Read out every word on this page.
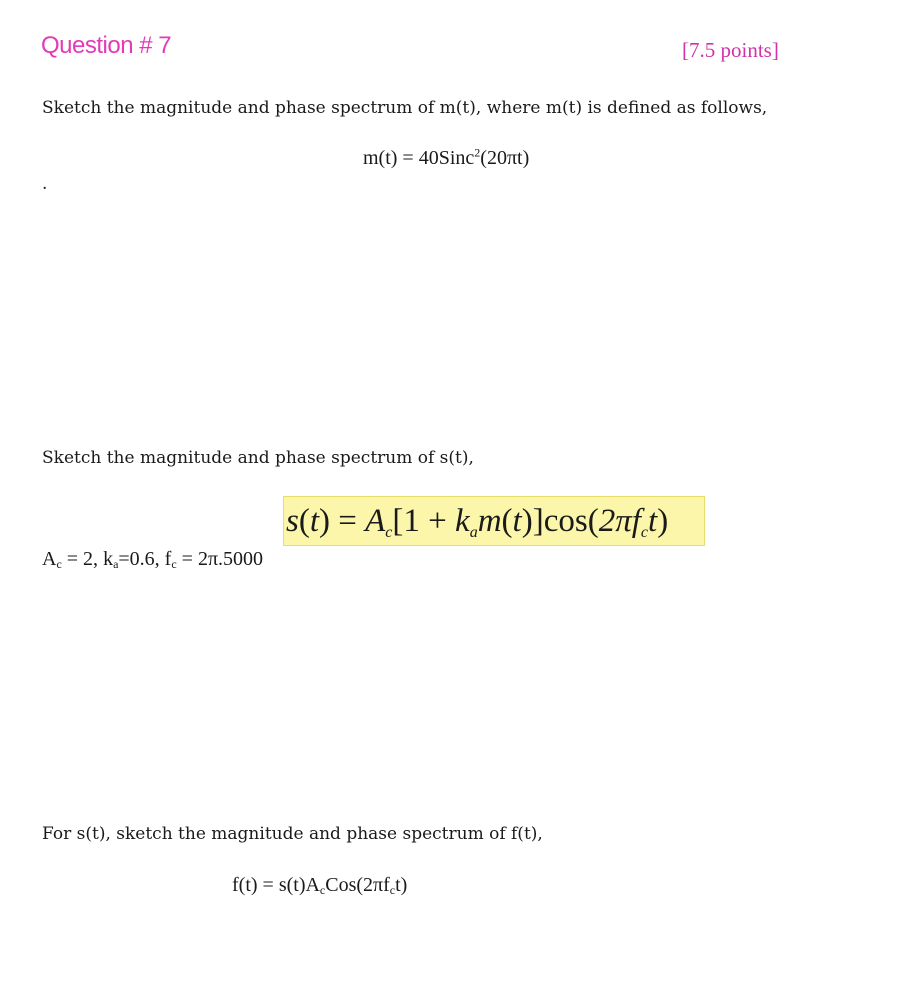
Question # 7	[7.5 points]
Sketch the magnitude and phase spectrum of m(t), where m(t) is defined as follows,
m(t) = 40Sinc$^2$(20πt)
.
Sketch the magnitude and phase spectrum of s(t),
$s(t) = A_c[1 + k_am(t)]\cos(2\pi f_ct)$
$A_c = 2$, $k_a=0.6$, $f_c = 2\pi.5000$
For s(t), sketch the magnitude and phase spectrum of f(t),
$f(t) = s(t)A_cCos(2\pi f_ct)$
